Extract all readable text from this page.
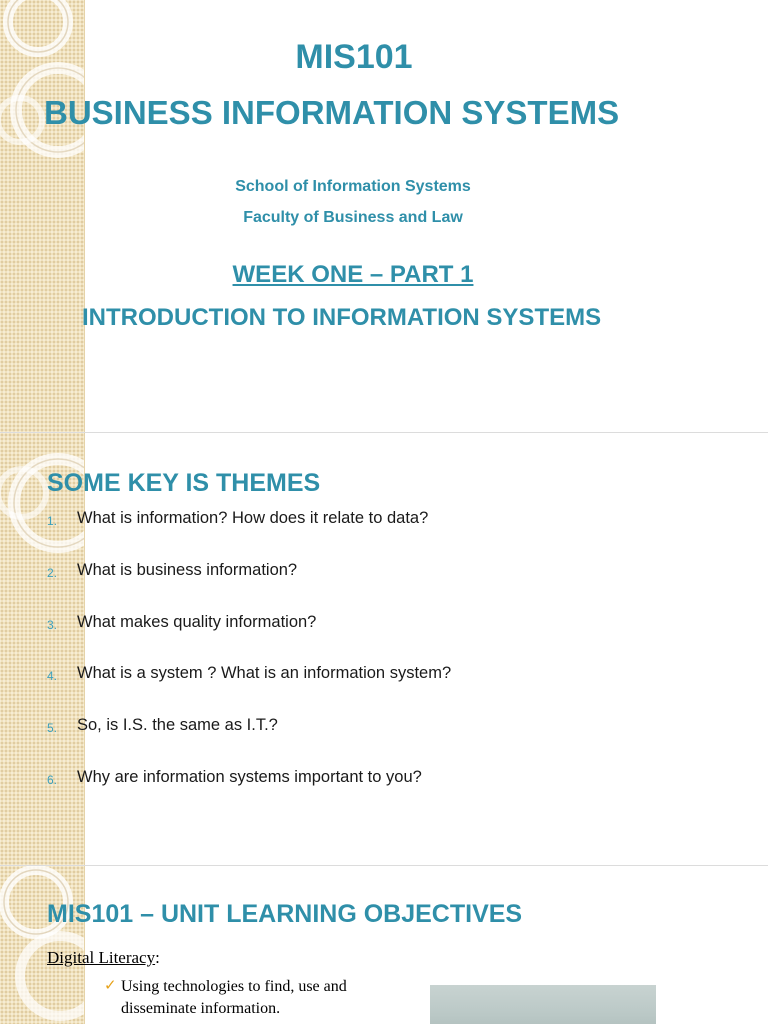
MIS101
BUSINESS INFORMATION SYSTEMS

School of Information Systems

Faculty of Business and Law

WEEK ONE – PART 1
INTRODUCTION TO INFORMATION SYSTEMS
SOME KEY IS THEMES
1. What is information? How does it relate to data?
2. What is business information?
3. What makes quality information?
4. What is a system ? What is an information system?
5. So, is I.S. the same as I.T.?
6. Why are information systems important to you?
MIS101 – UNIT LEARNING OBJECTIVES
Digital Literacy:
✓ Using technologies to find, use and disseminate information.
